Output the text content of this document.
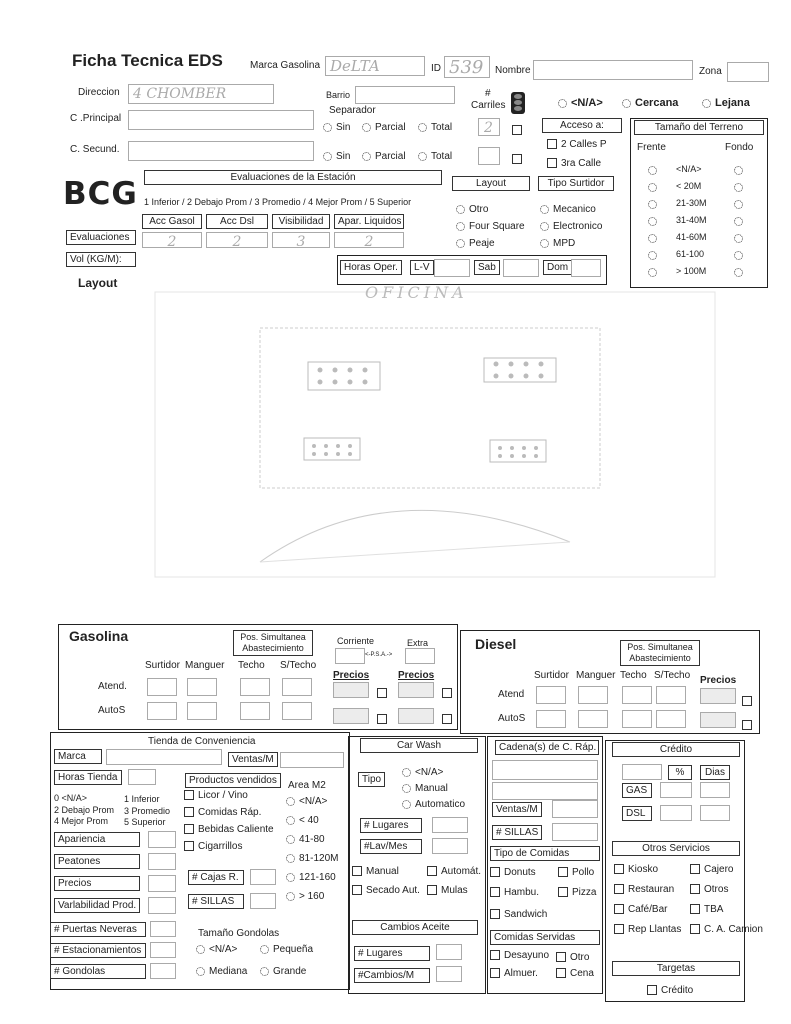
Ficha Tecnica EDS	Marca Gasolina DeLTA	ID 539	Nombre	Zona
Direccion 4 CHOMBER	Barrio
Separador
#
Carriles	<N/A>	Cercana	Lejana
C .Principal
Sin	Parcial	Total	2	Acceso a:
2 Calles P
3ra Calle
C. Secund.
Sin	Parcial	Total
Tamaño del Terreno
Frente	Fondo
<N/A>
< 20M
21-30M
31-40M
41-60M
61-100
> 100M
BCG	Evaluaciones de la Estación
1 Inferior / 2 Debajo Prom / 3 Promedio / 4 Mejor Prom / 5 Superior
Acc Gasol
2
Acc Dsl
2
Visibilidad
3
Apar. Liquidos
2
Evaluaciones
Vol (KG/M):
Layout
Otro
Four Square
Peaje
Tipo Surtidor
Mecanico
Electronico
MPD
Horas Oper.	L-V	Sab	Dom
Layout	OFICINA
Gasolina	Pos. Simultanea Abastecimiento
Corriente	Extra
<-P.S.A.->
Precios	Precios
Surtidor Manguer Techo S/Techo
Atend.
AutoS
Diesel	Pos. Simultanea Abastecimiento
Precios
Surtidor Manguer Techo S/Techo
Atend
AutoS
Tienda de Conveniencia
Marca	Ventas/M
Horas Tienda	Productos vendidos	Area M2
0 <N/A>	1 Inferior
2 Debajo Prom 3 Promedio
4 Mejor Prom 5 Superior
Licor / Vino
Comidas Ráp.
Bebidas Caliente
Cigarrillos
<N/A>
< 40
41-80
81-120M
121-160
> 160
Apariencia
Peatones
Precios
Varlabilidad Prod.
# Cajas R.
# SILLAS
# Puertas Neveras
# Estacionamientos
# Gondolas
Tamaño Gondolas
<N/A>	Pequeña
Mediana	Grande
Car Wash
Tipo
<N/A>
Manual
Automatico
# Lugares
#Lav/Mes
Manual	Automát.
Secado Aut.	Mulas
Cambios Aceite
# Lugares
#Cambios/M
Cadena(s) de C. Ráp.
Ventas/M
# SILLAS
Tipo de Comidas
Donuts	Pollo
Hambu.	Pizza
Sandwich
Comidas Servidas
Desayuno	Otro
Almuer.	Cena
Crédito
%	Dias
GAS
DSL
Otros Servicios
Kiosko	Cajero
Restauran	Otros
Café/Bar	TBA
Rep Llantas	C. A. Camion
Targetas
Crédito
